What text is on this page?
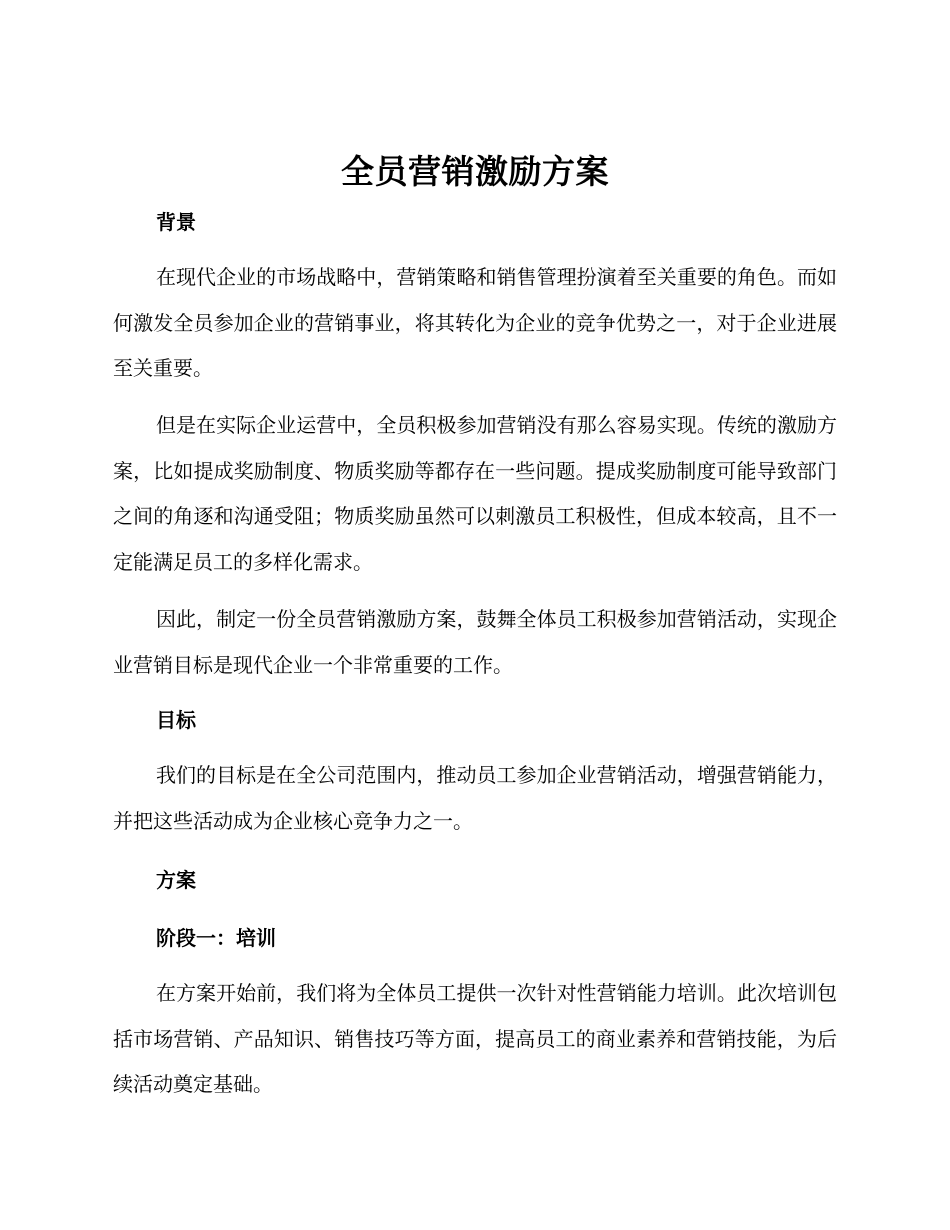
全员营销激励方案
背景

在现代企业的市场战略中，营销策略和销售管理扮演着至关重要的角色。而如何激发全员参加企业的营销事业，将其转化为企业的竞争优势之一，对于企业进展至关重要。

但是在实际企业运营中，全员积极参加营销没有那么容易实现。传统的激励方案，比如提成奖励制度、物质奖励等都存在一些问题。提成奖励制度可能导致部门之间的角逐和沟通受阻；物质奖励虽然可以刺激员工积极性，但成本较高，且不一定能满足员工的多样化需求。

因此，制定一份全员营销激励方案，鼓舞全体员工积极参加营销活动，实现企业营销目标是现代企业一个非常重要的工作。

目标

我们的目标是在全公司范围内，推动员工参加企业营销活动，增强营销能力，并把这些活动成为企业核心竞争力之一。

方案
阶段一：培训

在方案开始前，我们将为全体员工提供一次针对性营销能力培训。此次培训包括市场营销、产品知识、销售技巧等方面，提高员工的商业素养和营销技能，为后续活动奠定基础。
